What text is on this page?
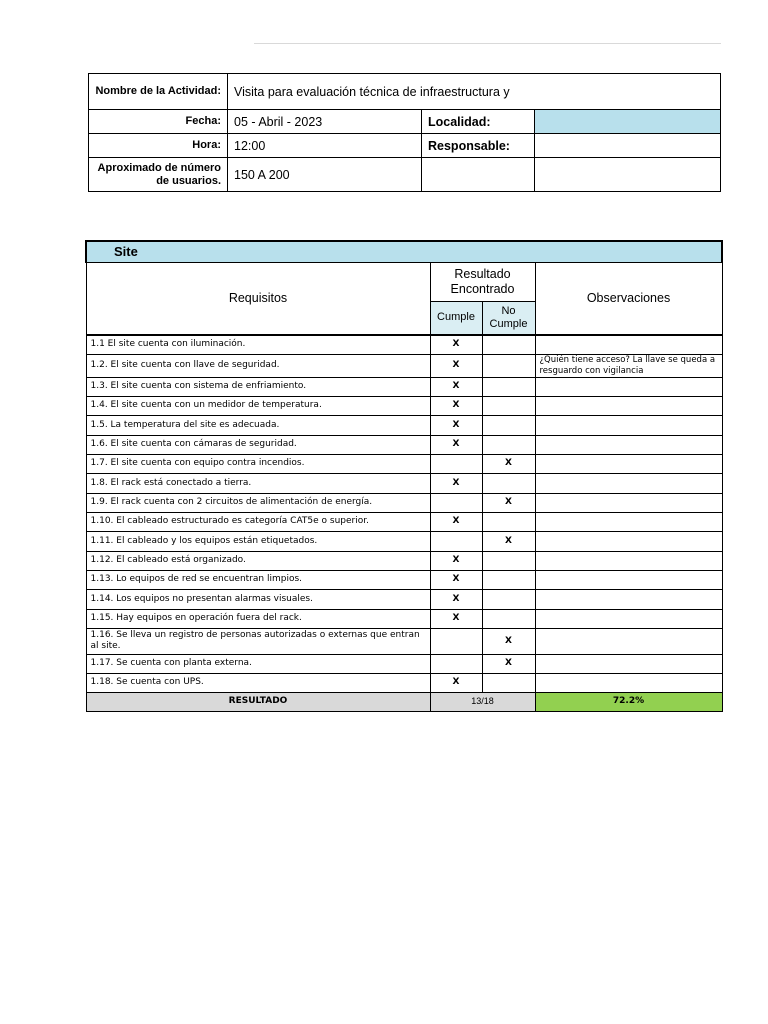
Nombre de la Actividad:	Visita para evaluación técnica de infraestructura y		
Fecha:	05 - Abril - 2023	Localidad:	
Hora:	12:00	Responsable:	
Aproximado de número de usuarios.	150 A 200		
Site			
Requisitos	Resultado Encontrado		Observaciones
	Cumple	No Cumple	
1.1 El site cuenta con iluminación.	X		
1.2. El site cuenta con llave de seguridad.	X		¿Quién tiene acceso? La llave se queda a resguardo con vigilancia
1.3. El site cuenta con sistema de enfriamiento.	X		
1.4. El site cuenta con un medidor de temperatura.	X		
1.5. La temperatura del site es adecuada.	X		
1.6. El site cuenta con cámaras de seguridad.	X		
1.7. El site cuenta con equipo contra incendios.		X	
1.8. El rack está conectado a tierra.	X		
1.9. El rack cuenta con 2 circuitos de alimentación de energía.		X	
1.10. El cableado estructurado es categoría CAT5e o superior.	X		
1.11. El cableado y los equipos están etiquetados.		X	
1.12. El cableado está organizado.	X		
1.13. Lo equipos de red se encuentran limpios.	X		
1.14. Los equipos no presentan alarmas visuales.	X		
1.15. Hay equipos en operación fuera del rack.	X		
1.16. Se lleva un registro de personas autorizadas o externas que entran al site.		X	
1.17. Se cuenta con planta externa.		X	
1.18. Se cuenta con UPS.	X		
RESULTADO	13/18		72.2%
